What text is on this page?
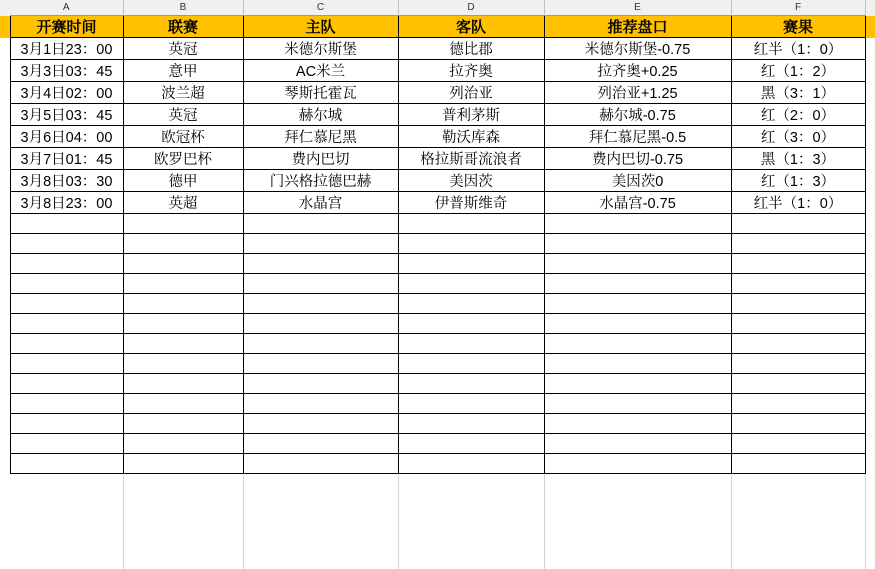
	A	B	C	D	E	F	
	开赛时间	联赛	主队	客队	推荐盘口	赛果	
	3月1日23：00	英冠	米德尔斯堡	德比郡	米德尔斯堡-0.75	红半（1：0）	
	3月3日03：45	意甲	AC米兰	拉齐奥	拉齐奥+0.25	红（1：2）	
	3月4日02：00	波兰超	琴斯托霍瓦	列治亚	列治亚+1.25	黑（3：1）	
	3月5日03：45	英冠	赫尔城	普利茅斯	赫尔城-0.75	红（2：0）	
	3月6日04：00	欧冠杯	拜仁慕尼黑	勒沃库森	拜仁慕尼黑-0.5	红（3：0）	
	3月7日01：45	欧罗巴杯	费内巴切	格拉斯哥流浪者	费内巴切-0.75	黑（1：3）	
	3月8日03：30	德甲	门兴格拉德巴赫	美因茨	美因茨0	红（1：3）	
	3月8日23：00	英超	水晶宫	伊普斯维奇	水晶宫-0.75	红半（1：0）	
